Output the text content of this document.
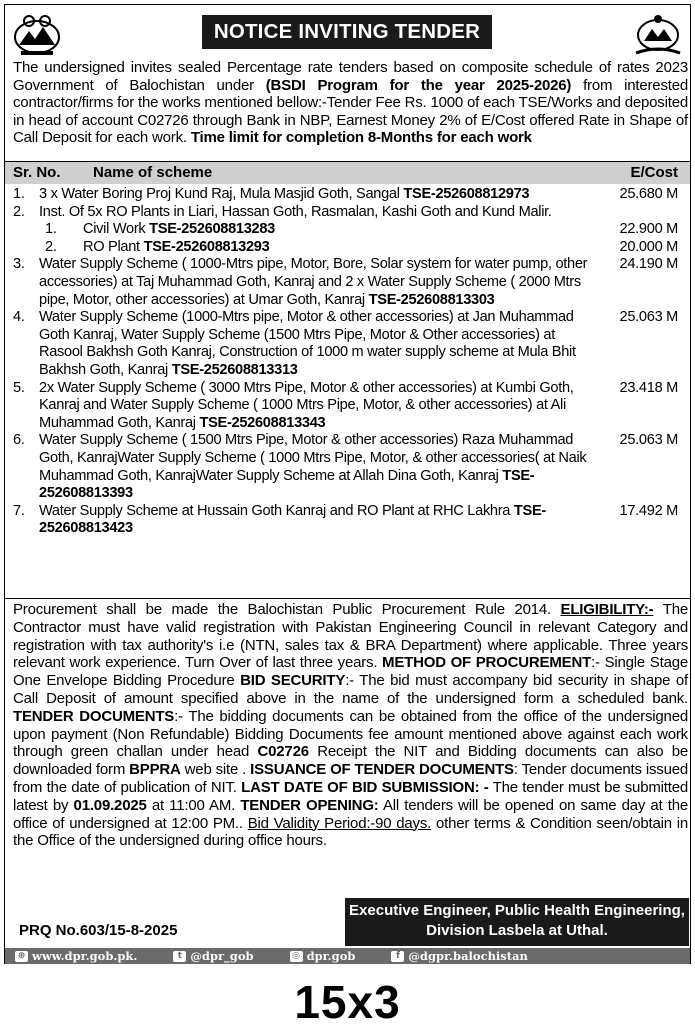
NOTICE INVITING TENDER
The undersigned invites sealed Percentage rate tenders based on composite schedule of rates 2023 Government of Balochistan under (BSDI Program for the year 2025-2026) from interested contractor/firms for the works mentioned bellow:-Tender Fee Rs. 1000 of each TSE/Works and deposited in head of account C02726 through Bank in NBP, Earnest Money 2% of E/Cost offered Rate in Shape of Call Deposit for each work. Time limit for completion 8-Months for each work
Sr. No. Name of scheme	E/Cost
1. 3 x Water Boring Proj Kund Raj, Mula Masjid Goth, Sangal TSE-252608812973	25.680 M
2. Inst. Of 5x RO Plants in Liari, Hassan Goth, Rasmalan, Kashi Goth and Kund Malir.
1. Civil Work TSE-252608813283	22.900 M
2. RO Plant TSE-252608813293	20.000 M
3. Water Supply Scheme ( 1000-Mtrs pipe, Motor, Bore, Solar system for water pump, other accessories) at Taj Muhammad Goth, Kanraj and 2 x Water Supply Scheme ( 2000 Mtrs pipe, Motor, other accessories) at Umar Goth, Kanraj TSE-252608813303
24.190 M
4. Water Supply Scheme (1000-Mtrs pipe, Motor & other accessories) at Jan Muhammad Goth Kanraj, Water Supply Scheme (1500 Mtrs Pipe, Motor & Other accessories) at Rasool Bakhsh Goth Kanraj, Construction of 1000 m water supply scheme at Mula Bhit Bakhsh Goth, Kanraj TSE-252608813313
25.063 M
5. 2x Water Supply Scheme ( 3000 Mtrs Pipe, Motor & other accessories) at Kumbi Goth, Kanraj and Water Supply Scheme ( 1000 Mtrs Pipe, Motor, & other accessories) at Ali Muhammad Goth, Kanraj TSE-252608813343
23.418 M
6. Water Supply Scheme ( 1500 Mtrs Pipe, Motor & other accessories) Raza Muhammad Goth, KanrajWater Supply Scheme ( 1000 Mtrs Pipe, Motor, & other accessories( at Naik Muhammad Goth, KanrajWater Supply Scheme at Allah Dina Goth, Kanraj TSE-252608813393
25.063 M
7. Water Supply Scheme at Hussain Goth Kanraj and RO Plant at RHC Lakhra TSE-252608813423
17.492 M
Procurement shall be made the Balochistan Public Procurement Rule 2014. ELIGIBILITY:- The Contractor must have valid registration with Pakistan Engineering Council in relevant Category and registration with tax authority's i.e (NTN, sales tax & BRA Department) where applicable. Three years relevant work experience. Turn Over of last three years. METHOD OF PROCUREMENT:- Single Stage One Envelope Bidding Procedure BID SECURITY:- The bid must accompany bid security in shape of Call Deposit of amount specified above in the name of the undersigned form a scheduled bank. TENDER DOCUMENTS:- The bidding documents can be obtained from the office of the undersigned upon payment (Non Refundable) Bidding Documents fee amount mentioned above against each work through green challan under head C02726 Receipt the NIT and Bidding documents can also be downloaded form BPPRA web site . ISSUANCE OF TENDER DOCUMENTS: Tender documents issued from the date of publication of NIT. LAST DATE OF BID SUBMISSION: - The tender must be submitted latest by 01.09.2025 at 11:00 AM. TENDER OPENING: All tenders will be opened on same day at the office of undersigned at 12:00 PM.. Bid Validity Period:-90 days. other terms & Condition seen/obtain in the Office of the undersigned during office hours.
PRQ No.603/15-8-2025
Executive Engineer, Public Health Engineering,
Division Lasbela at Uthal.
⊕ www.dpr.gob.pk.	t @dpr_gob	◎ dpr.gob	f @dgpr.balochistan
15x3
